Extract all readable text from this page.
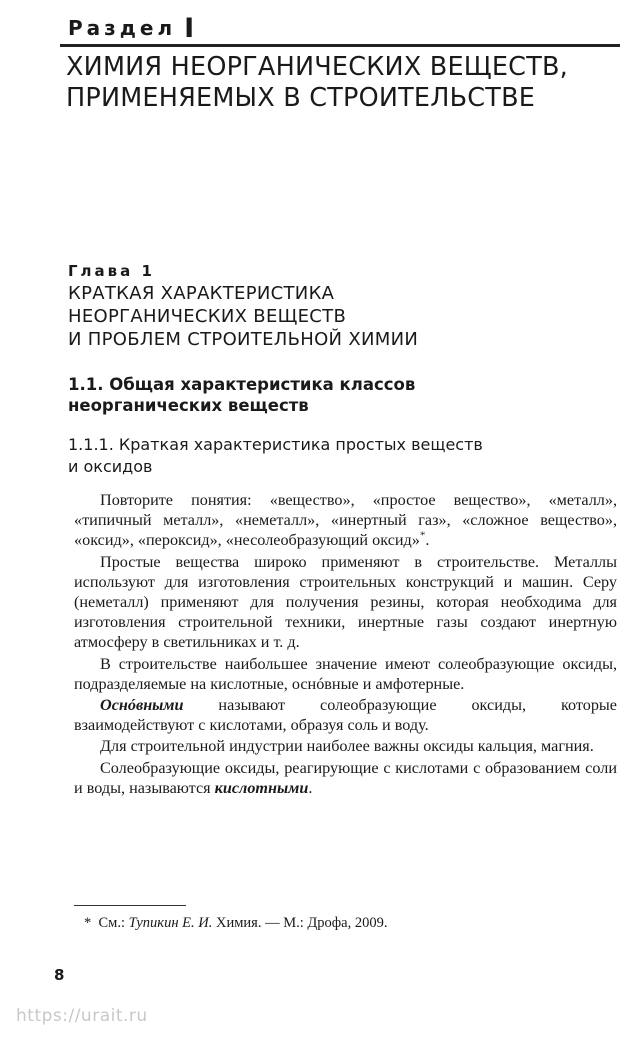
Раздел I
ХИМИЯ НЕОРГАНИЧЕСКИХ ВЕЩЕСТВ,
ПРИМЕНЯЕМЫХ В СТРОИТЕЛЬСТВЕ
Глава 1
КРАТКАЯ ХАРАКТЕРИСТИКА
НЕОРГАНИЧЕСКИХ ВЕЩЕСТВ
И ПРОБЛЕМ СТРОИТЕЛЬНОЙ ХИМИИ
1.1. Общая характеристика классов
неорганических веществ
1.1.1. Краткая характеристика простых веществ
и оксидов

Повторите понятия: «вещество», «простое вещество», «металл», «типичный металл», «неметалл», «инертный газ», «сложное вещество», «оксид», «пероксид», «несолеобразующий оксид»*.

Простые вещества широко применяют в строительстве. Металлы используют для изготовления строительных конструкций и машин. Серу (неметалл) применяют для получения резины, которая необходима для изготовления строительной техники, инертные газы создают инертную атмосферу в светильниках и т. д.

В строительстве наибольшее значение имеют солеобразующие оксиды, подразделяемые на кислотные, оснóвные и амфотерные.

Оснóвными называют солеобразующие оксиды, которые взаимодействуют с кислотами, образуя соль и воду.

Для строительной индустрии наиболее важны оксиды кальция, магния.

Солеобразующие оксиды, реагирующие с кислотами с образованием соли и воды, называются кислотными.

* См.: Тупикин Е. И. Химия. — М.: Дрофа, 2009.
8
https://urait.ru
